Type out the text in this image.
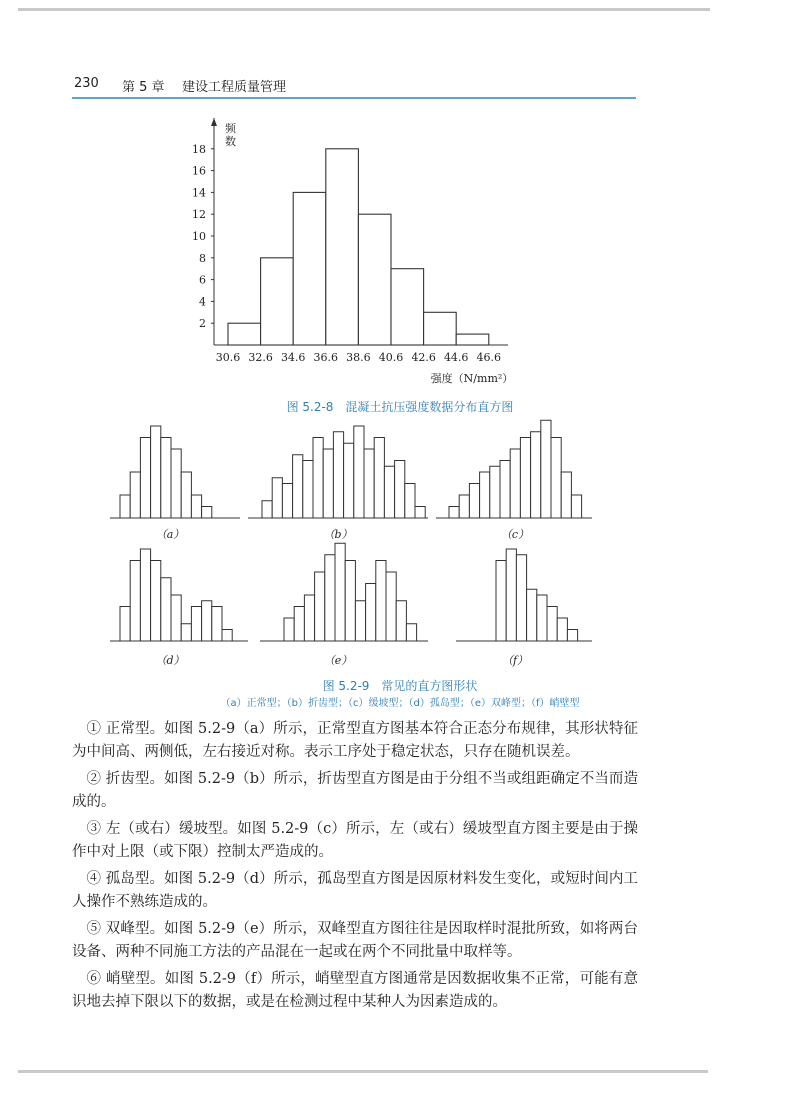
230 第 5 章 建设工程质量管理
2
4
6
8
10
12
14
16
18
30.6 32.6 34.6 36.6 38.6 40.6 42.6 44.6 46.6
频
数
强度（N/mm²）
图 5.2-8　混凝土抗压强度数据分布直方图
（a）	（b）	（c）
（d）	（e）	（f）
图 5.2-9　常见的直方图形状
（a）正常型；（b）折齿型；（c）缓坡型；（d）孤岛型；（e）双峰型；（f）峭壁型

① 正常型。如图 5.2-9（a）所示，正常型直方图基本符合正态分布规律，其形状特征为中间高、两侧低，左右接近对称。表示工序处于稳定状态，只存在随机误差。

② 折齿型。如图 5.2-9（b）所示，折齿型直方图是由于分组不当或组距确定不当而造成的。

③ 左（或右）缓坡型。如图 5.2-9（c）所示，左（或右）缓坡型直方图主要是由于操作中对上限（或下限）控制太严造成的。

④ 孤岛型。如图 5.2-9（d）所示，孤岛型直方图是因原材料发生变化，或短时间内工人操作不熟练造成的。

⑤ 双峰型。如图 5.2-9（e）所示，双峰型直方图往往是因取样时混批所致，如将两台设备、两种不同施工方法的产品混在一起或在两个不同批量中取样等。

⑥ 峭壁型。如图 5.2-9（f）所示，峭壁型直方图通常是因数据收集不正常，可能有意识地去掉下限以下的数据，或是在检测过程中某种人为因素造成的。
